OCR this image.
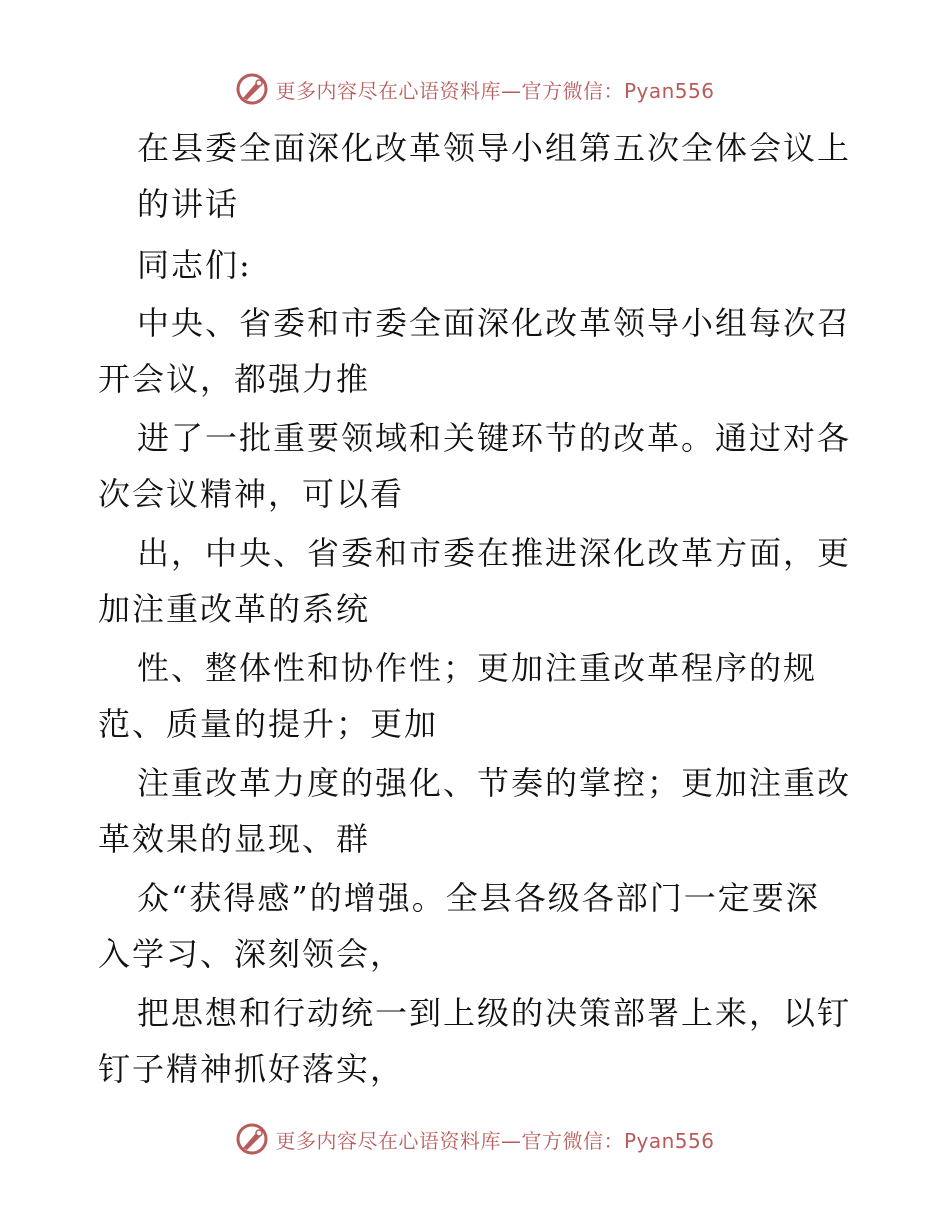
更多内容尽在心语资料库—官方微信：Pyan556
在县委全面深化改革领导小组第五次全体会议上
的讲话
同志们:
中央、省委和市委全面深化改革领导小组每次召
开会议，都强力推
进了一批重要领域和关键环节的改革。通过对各
次会议精神，可以看
出，中央、省委和市委在推进深化改革方面，更
加注重改革的系统
性、整体性和协作性；更加注重改革程序的规
范、质量的提升；更加
注重改革力度的强化、节奏的掌控；更加注重改
革效果的显现、群
众“获得感”的增强。全县各级各部门一定要深
入学习、深刻领会，
把思想和行动统一到上级的决策部署上来，以钉
钉子精神抓好落实，
更多内容尽在心语资料库—官方微信：Pyan556
